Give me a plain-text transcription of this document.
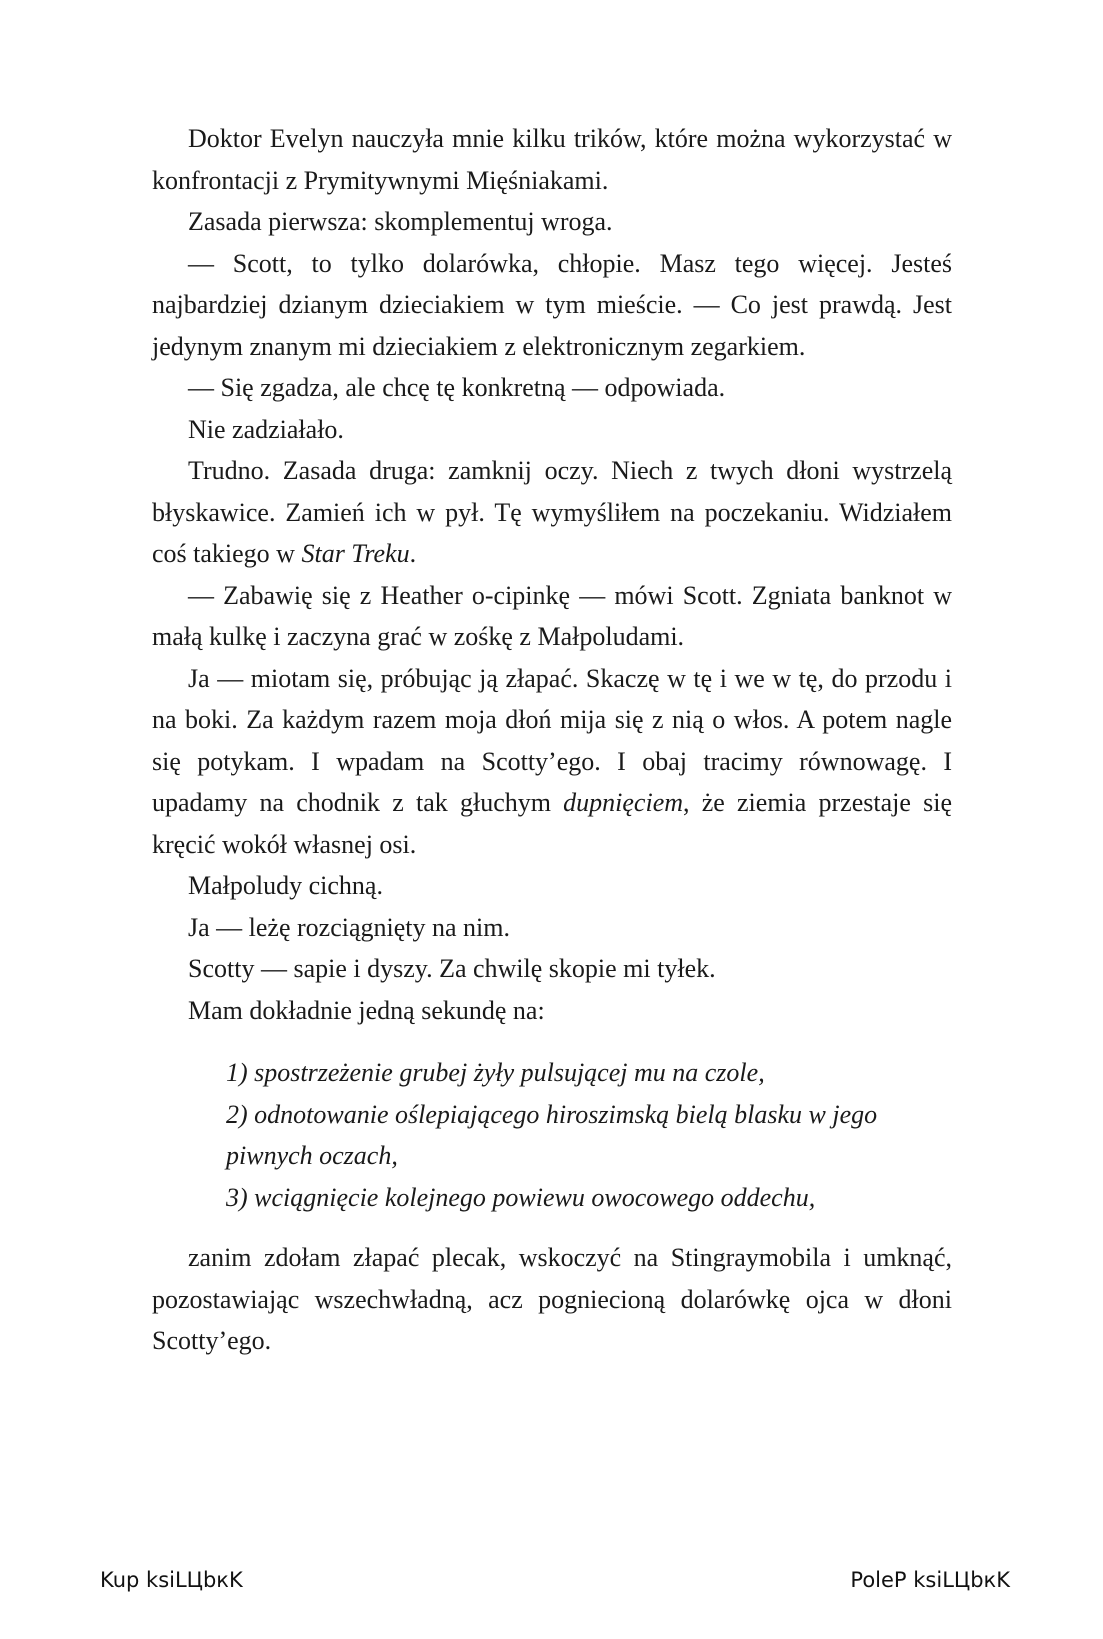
Doktor Evelyn nauczyła mnie kilku trików, które można wykorzystać w konfrontacji z Prymitywnymi Mięśniakami.

Zasada pierwsza: skomplementuj wroga.

— Scott, to tylko dolarówka, chłopie. Masz tego więcej. Jesteś najbardziej dzianym dzieciakiem w tym mieście. — Co jest prawdą. Jest jedynym znanym mi dzieciakiem z elektronicznym zegarkiem.

— Się zgadza, ale chcę tę konkretną — odpowiada.

Nie zadziałało.

Trudno. Zasada druga: zamknij oczy. Niech z twych dłoni wystrzelą błyskawice. Zamień ich w pył. Tę wymyśliłem na poczekaniu. Widziałem coś takiego w Star Treku.

— Zabawię się z Heather o-cipinkę — mówi Scott. Zgniata banknot w małą kulkę i zaczyna grać w zośkę z Małpoludami.

Ja — miotam się, próbując ją złapać. Skaczę w tę i we w tę, do przodu i na boki. Za każdym razem moja dłoń mija się z nią o włos. A potem nagle się potykam. I wpadam na Scotty’ego. I obaj tracimy równowagę. I upadamy na chodnik z tak głuchym dupnięciem, że ziemia przestaje się kręcić wokół własnej osi.

Małpoludy cichną.

Ja — leżę rozciągnięty na nim.

Scotty — sapie i dyszy. Za chwilę skopie mi tyłek.

Mam dokładnie jedną sekundę na:

1) spostrzeżenie grubej żyły pulsującej mu na czole,

2) odnotowanie oślepiającego hiroszimską bielą blasku w jego piwnych oczach,

3) wciągnięcie kolejnego powiewu owocowego oddechu,

zanim zdołam złapać plecak, wskoczyć na Stingraymobila i umknąć, pozostawiając wszechwładną, acz pogniecioną dolarówkę ojca w dłoni Scotty’ego.

Kup ksiLЦbкK	PoleP ksiLЦbкK
